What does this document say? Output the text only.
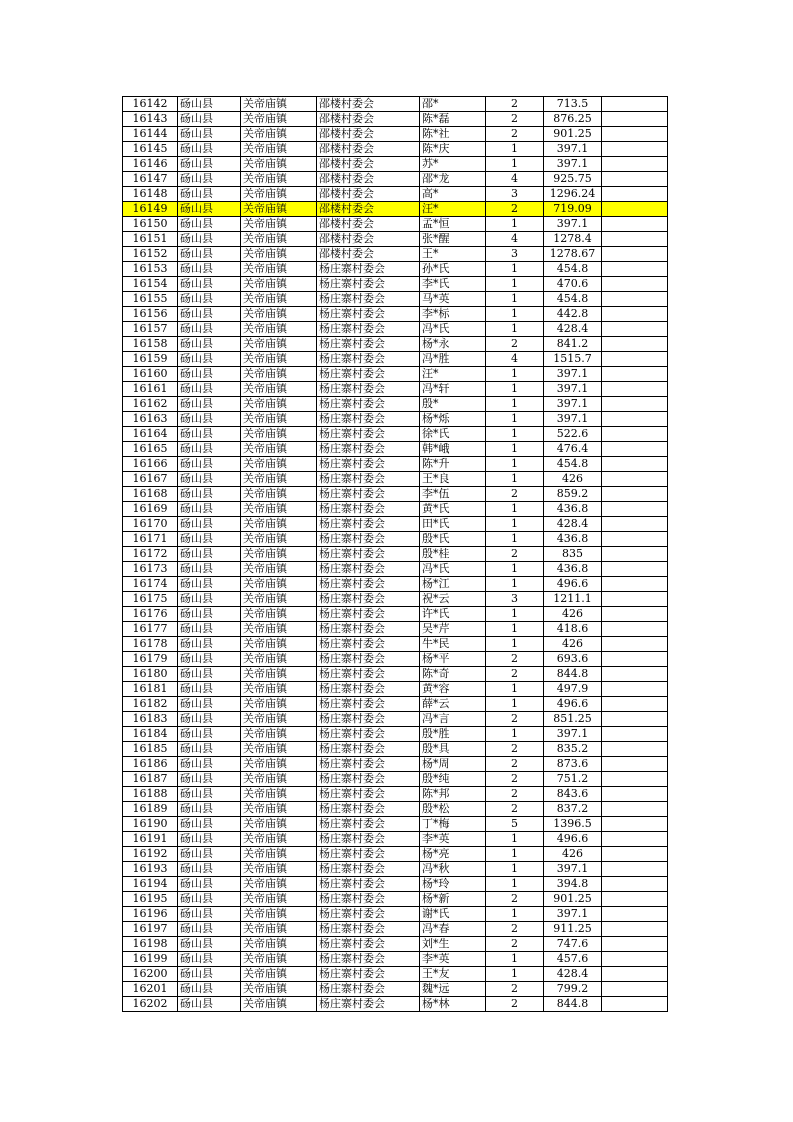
16142	砀山县	关帝庙镇	邵楼村委会	邵*	2	713.5	
16143	砀山县	关帝庙镇	邵楼村委会	陈*磊	2	876.25	
16144	砀山县	关帝庙镇	邵楼村委会	陈*社	2	901.25	
16145	砀山县	关帝庙镇	邵楼村委会	陈*庆	1	397.1	
16146	砀山县	关帝庙镇	邵楼村委会	苏*	1	397.1	
16147	砀山县	关帝庙镇	邵楼村委会	邵*龙	4	925.75	
16148	砀山县	关帝庙镇	邵楼村委会	高*	3	1296.24	
16149	砀山县	关帝庙镇	邵楼村委会	汪*	2	719.09	
16150	砀山县	关帝庙镇	邵楼村委会	孟*恒	1	397.1	
16151	砀山县	关帝庙镇	邵楼村委会	张*醒	4	1278.4	
16152	砀山县	关帝庙镇	邵楼村委会	王*	3	1278.67	
16153	砀山县	关帝庙镇	杨庄寨村委会	孙*氏	1	454.8	
16154	砀山县	关帝庙镇	杨庄寨村委会	李*氏	1	470.6	
16155	砀山县	关帝庙镇	杨庄寨村委会	马*英	1	454.8	
16156	砀山县	关帝庙镇	杨庄寨村委会	李*标	1	442.8	
16157	砀山县	关帝庙镇	杨庄寨村委会	冯*氏	1	428.4	
16158	砀山县	关帝庙镇	杨庄寨村委会	杨*永	2	841.2	
16159	砀山县	关帝庙镇	杨庄寨村委会	冯*胜	4	1515.7	
16160	砀山县	关帝庙镇	杨庄寨村委会	汪*	1	397.1	
16161	砀山县	关帝庙镇	杨庄寨村委会	冯*轩	1	397.1	
16162	砀山县	关帝庙镇	杨庄寨村委会	殷*	1	397.1	
16163	砀山县	关帝庙镇	杨庄寨村委会	杨*烁	1	397.1	
16164	砀山县	关帝庙镇	杨庄寨村委会	徐*氏	1	522.6	
16165	砀山县	关帝庙镇	杨庄寨村委会	韩*峨	1	476.4	
16166	砀山县	关帝庙镇	杨庄寨村委会	陈*升	1	454.8	
16167	砀山县	关帝庙镇	杨庄寨村委会	王*良	1	426	
16168	砀山县	关帝庙镇	杨庄寨村委会	李*伍	2	859.2	
16169	砀山县	关帝庙镇	杨庄寨村委会	黄*氏	1	436.8	
16170	砀山县	关帝庙镇	杨庄寨村委会	田*氏	1	428.4	
16171	砀山县	关帝庙镇	杨庄寨村委会	殷*氏	1	436.8	
16172	砀山县	关帝庙镇	杨庄寨村委会	殷*桂	2	835	
16173	砀山县	关帝庙镇	杨庄寨村委会	冯*氏	1	436.8	
16174	砀山县	关帝庙镇	杨庄寨村委会	杨*江	1	496.6	
16175	砀山县	关帝庙镇	杨庄寨村委会	祝*云	3	1211.1	
16176	砀山县	关帝庙镇	杨庄寨村委会	许*氏	1	426	
16177	砀山县	关帝庙镇	杨庄寨村委会	吴*芹	1	418.6	
16178	砀山县	关帝庙镇	杨庄寨村委会	牛*民	1	426	
16179	砀山县	关帝庙镇	杨庄寨村委会	杨*平	2	693.6	
16180	砀山县	关帝庙镇	杨庄寨村委会	陈*奇	2	844.8	
16181	砀山县	关帝庙镇	杨庄寨村委会	黄*容	1	497.9	
16182	砀山县	关帝庙镇	杨庄寨村委会	薛*云	1	496.6	
16183	砀山县	关帝庙镇	杨庄寨村委会	冯*言	2	851.25	
16184	砀山县	关帝庙镇	杨庄寨村委会	殷*胜	1	397.1	
16185	砀山县	关帝庙镇	杨庄寨村委会	殷*具	2	835.2	
16186	砀山县	关帝庙镇	杨庄寨村委会	杨*周	2	873.6	
16187	砀山县	关帝庙镇	杨庄寨村委会	殷*纯	2	751.2	
16188	砀山县	关帝庙镇	杨庄寨村委会	陈*邦	2	843.6	
16189	砀山县	关帝庙镇	杨庄寨村委会	殷*松	2	837.2	
16190	砀山县	关帝庙镇	杨庄寨村委会	丁*梅	5	1396.5	
16191	砀山县	关帝庙镇	杨庄寨村委会	李*英	1	496.6	
16192	砀山县	关帝庙镇	杨庄寨村委会	杨*亮	1	426	
16193	砀山县	关帝庙镇	杨庄寨村委会	冯*秋	1	397.1	
16194	砀山县	关帝庙镇	杨庄寨村委会	杨*玲	1	394.8	
16195	砀山县	关帝庙镇	杨庄寨村委会	杨*新	2	901.25	
16196	砀山县	关帝庙镇	杨庄寨村委会	谢*氏	1	397.1	
16197	砀山县	关帝庙镇	杨庄寨村委会	冯*春	2	911.25	
16198	砀山县	关帝庙镇	杨庄寨村委会	刘*生	2	747.6	
16199	砀山县	关帝庙镇	杨庄寨村委会	李*英	1	457.6	
16200	砀山县	关帝庙镇	杨庄寨村委会	王*友	1	428.4	
16201	砀山县	关帝庙镇	杨庄寨村委会	魏*远	2	799.2	
16202	砀山县	关帝庙镇	杨庄寨村委会	杨*林	2	844.8	
